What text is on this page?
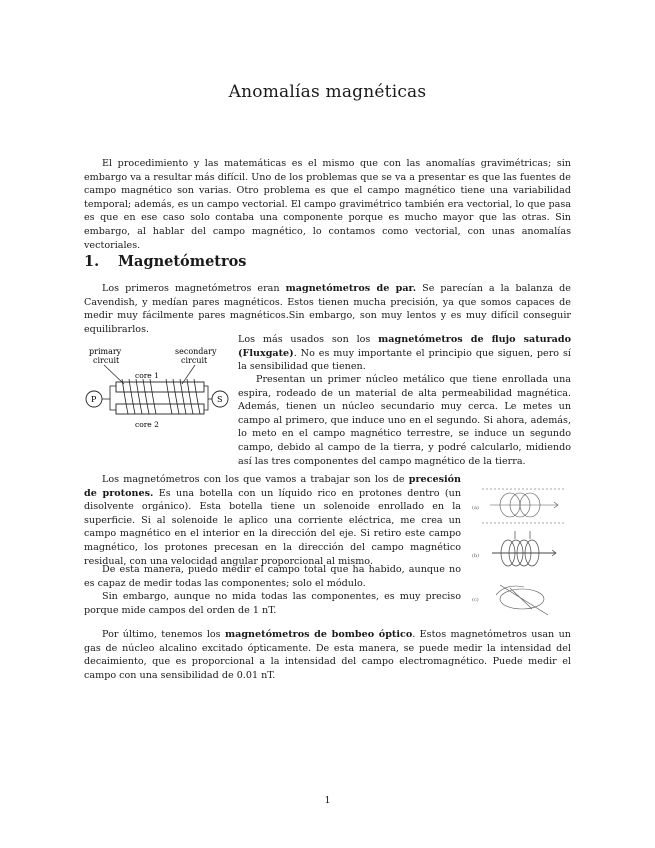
Anomalías magnéticas

El procedimiento y las matemáticas es el mismo que con las anomalías gravimétricas; sin embargo va a resultar más difícil. Uno de los problemas que se va a presentar es que las fuentes de campo magnético son varias. Otro problema es que el campo magnético tiene una variabilidad temporal; además, es un campo vectorial. El campo gravimétrico también era vectorial, lo que pasa es que en ese caso solo contaba una componente porque es mucho mayor que las otras. Sin embargo, al hablar del campo magnético, lo contamos como vectorial, con unas anomalías vectoriales.

1. Magnetómetros

Los primeros magnetómetros eran magnetómetros de par. Se parecían a la balanza de Cavendish, y medían pares magnéticos. Estos tienen mucha precisión, ya que somos capaces de medir muy fácilmente pares magnéticos.Sin embargo, son muy lentos y es muy difícil conseguir equilibrarlos.

primary
circuit
secondary
circuit
core 1
core 2
P	S

Los más usados son los magnetómetros de flujo saturado (Fluxgate). No es muy importante el principio que siguen, pero sí la sensibilidad que tienen.

Presentan un primer núcleo metálico que tiene enrollada una espira, rodeado de un material de alta permeabilidad magnética. Además, tienen un núcleo secundario muy cerca. Le metes un campo al primero, que induce uno en el segundo. Si ahora, además, lo meto en el campo magnético terrestre, se induce un segundo campo, debido al campo de la tierra, y podré calcularlo, midiendo así las tres componentes del campo magnético de la tierra.

Los magnetómetros con los que vamos a trabajar son los de precesión de protones. Es una botella con un líquido rico en protones dentro (un disolvente orgánico). Esta botella tiene un solenoide enrollado en la superficie. Si al solenoide le aplico una corriente eléctrica, me crea un campo magnético en el interior en la dirección del eje. Si retiro este campo magnético, los protones precesan en la dirección del campo magnético residual, con una velocidad angular proporcional al mismo.

De esta manera, puedo medir el campo total que ha habido, aunque no es capaz de medir todas las componentes; solo el módulo.

Sin embargo, aunque no mida todas las componentes, es muy preciso porque mide campos del orden de 1 nT.

(a)
(b)
(c)

Por último, tenemos los magnetómetros de bombeo óptico. Estos magnetómetros usan un gas de núcleo alcalino excitado ópticamente. De esta manera, se puede medir la intensidad del decaimiento, que es proporcional a la intensidad del campo electromagnético. Puede medir el campo con una sensibilidad de 0.01 nT.

1
